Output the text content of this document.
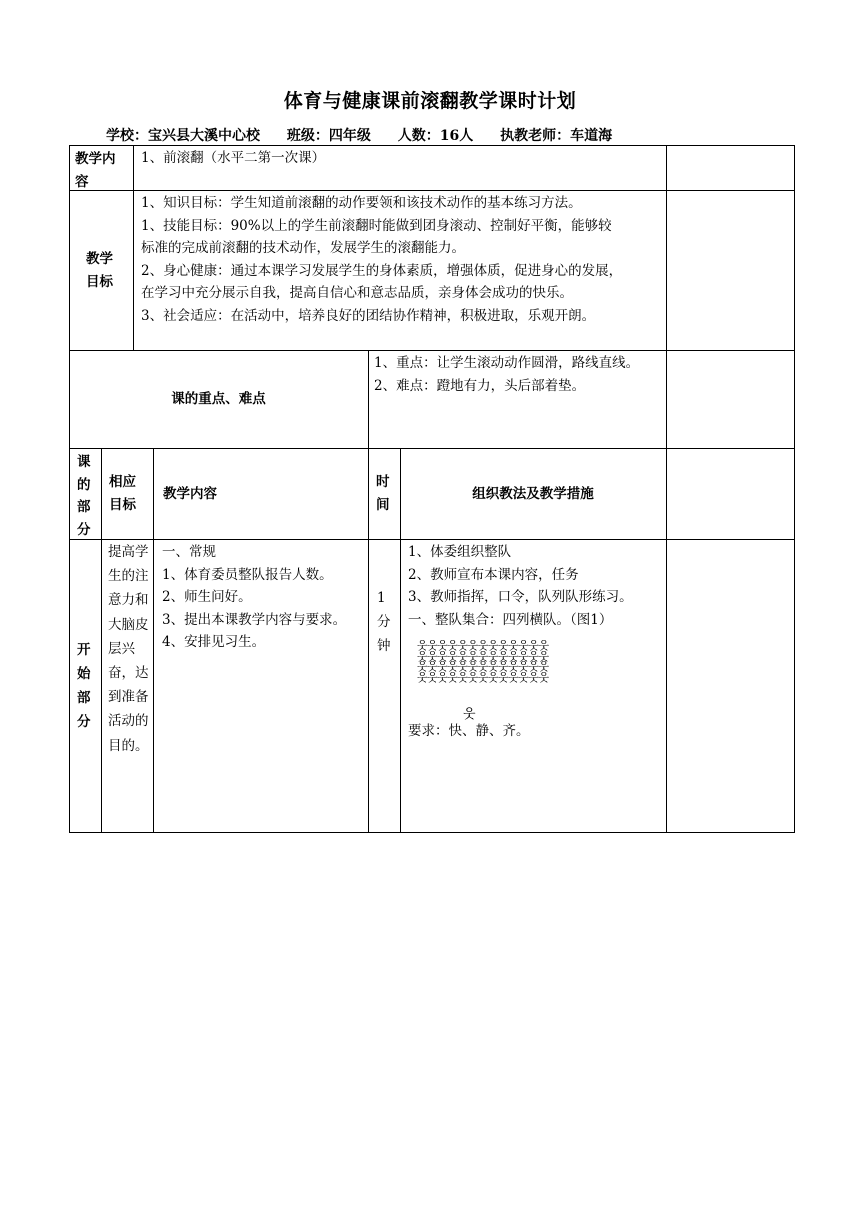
体育与健康课前滚翻教学课时计划
学校：宝兴县大溪中心校 班级：四年级 人数：16人 执教老师：车道海
教学内容
1、前滚翻（水平二第一次课）
教学目标
1、知识目标：学生知道前滚翻的动作要领和该技术动作的基本练习方法。
1、技能目标：90%以上的学生前滚翻时能做到团身滚动、控制好平衡，能够较
标准的完成前滚翻的技术动作，发展学生的滚翻能力。
2、身心健康：通过本课学习发展学生的身体素质，增强体质，促进身心的发展，
在学习中充分展示自我，提高自信心和意志品质，亲身体会成功的快乐。
3、社会适应：在活动中，培养良好的团结协作精神，积极进取，乐观开朗。
课的重点、难点
1、重点：让学生滚动动作圆滑，路线直线。
2、难点：蹬地有力，头后部着垫。
课的部分
相应目标
教学内容
时间
组织教法及教学措施
开始部分
提高学生的注意力和大脑皮层兴奋，达到准备活动的目的。
一、常规
1、体育委员整队报告人数。
2、师生问好。
3、提出本课教学内容与要求。
4、安排见习生。
1分钟
1、体委组织整队
2、教师宣布本课内容，任务
3、教师指挥，口令，队列队形练习。
一、整队集合：四列横队。（图1）
웃웃웃웃웃웃웃웃웃웃웃웃웃
웃웃웃웃웃웃웃웃웃웃웃웃웃
웃웃웃웃웃웃웃웃웃웃웃웃웃
웃웃웃웃웃웃웃웃웃웃웃웃웃
웃
要求：快、静、齐。
